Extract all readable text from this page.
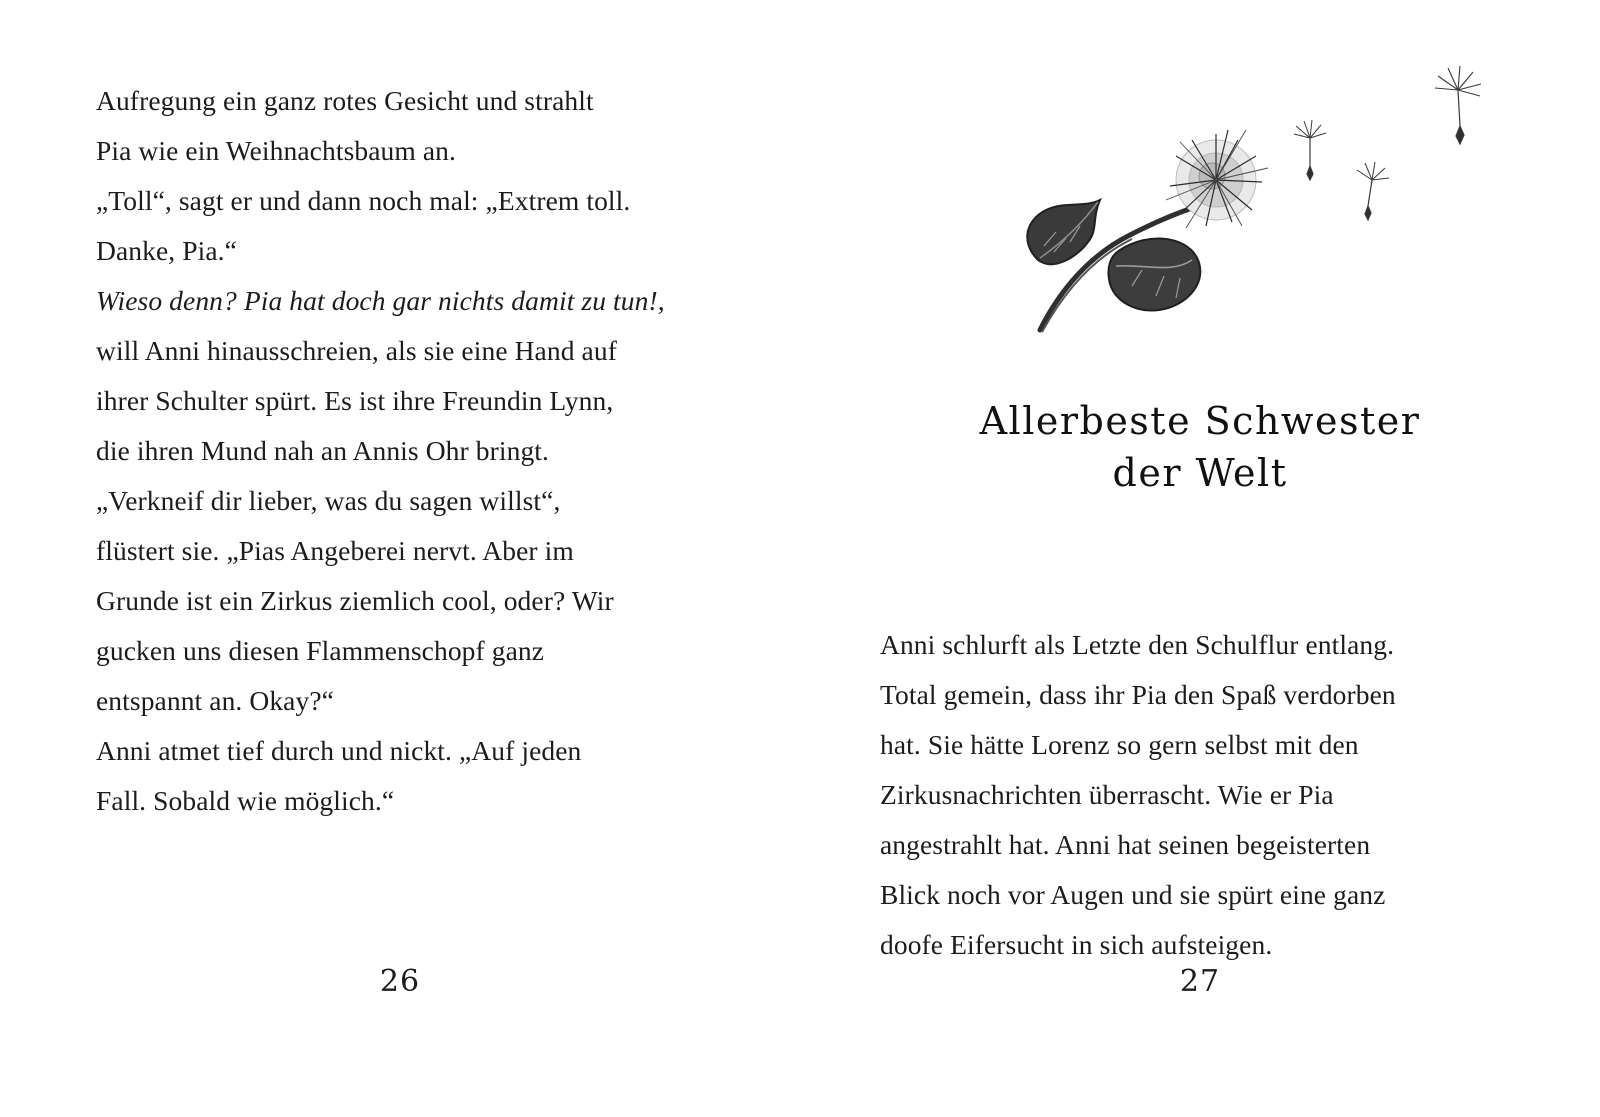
Aufregung ein ganz rotes Gesicht und strahlt
Pia wie ein Weihnachtsbaum an.
„Toll“, sagt er und dann noch mal: „Extrem toll.
Danke, Pia.“
Wieso denn? Pia hat doch gar nichts damit zu tun!,
will Anni hinausschreien, als sie eine Hand auf
ihrer Schulter spürt. Es ist ihre Freundin Lynn,
die ihren Mund nah an Annis Ohr bringt.
„Verkneif dir lieber, was du sagen willst“,
flüstert sie. „Pias Angeberei nervt. Aber im
Grunde ist ein Zirkus ziemlich cool, oder? Wir
gucken uns diesen Flammenschopf ganz
entspannt an. Okay?“
Anni atmet tief durch und nickt. „Auf jeden
Fall. Sobald wie möglich.“
26
Allerbeste Schwester
der Welt
Anni schlurft als Letzte den Schulflur entlang.
Total gemein, dass ihr Pia den Spaß verdorben
hat. Sie hätte Lorenz so gern selbst mit den
Zirkusnachrichten überrascht. Wie er Pia
angestrahlt hat. Anni hat seinen begeisterten
Blick noch vor Augen und sie spürt eine ganz
doofe Eifersucht in sich aufsteigen.
27
